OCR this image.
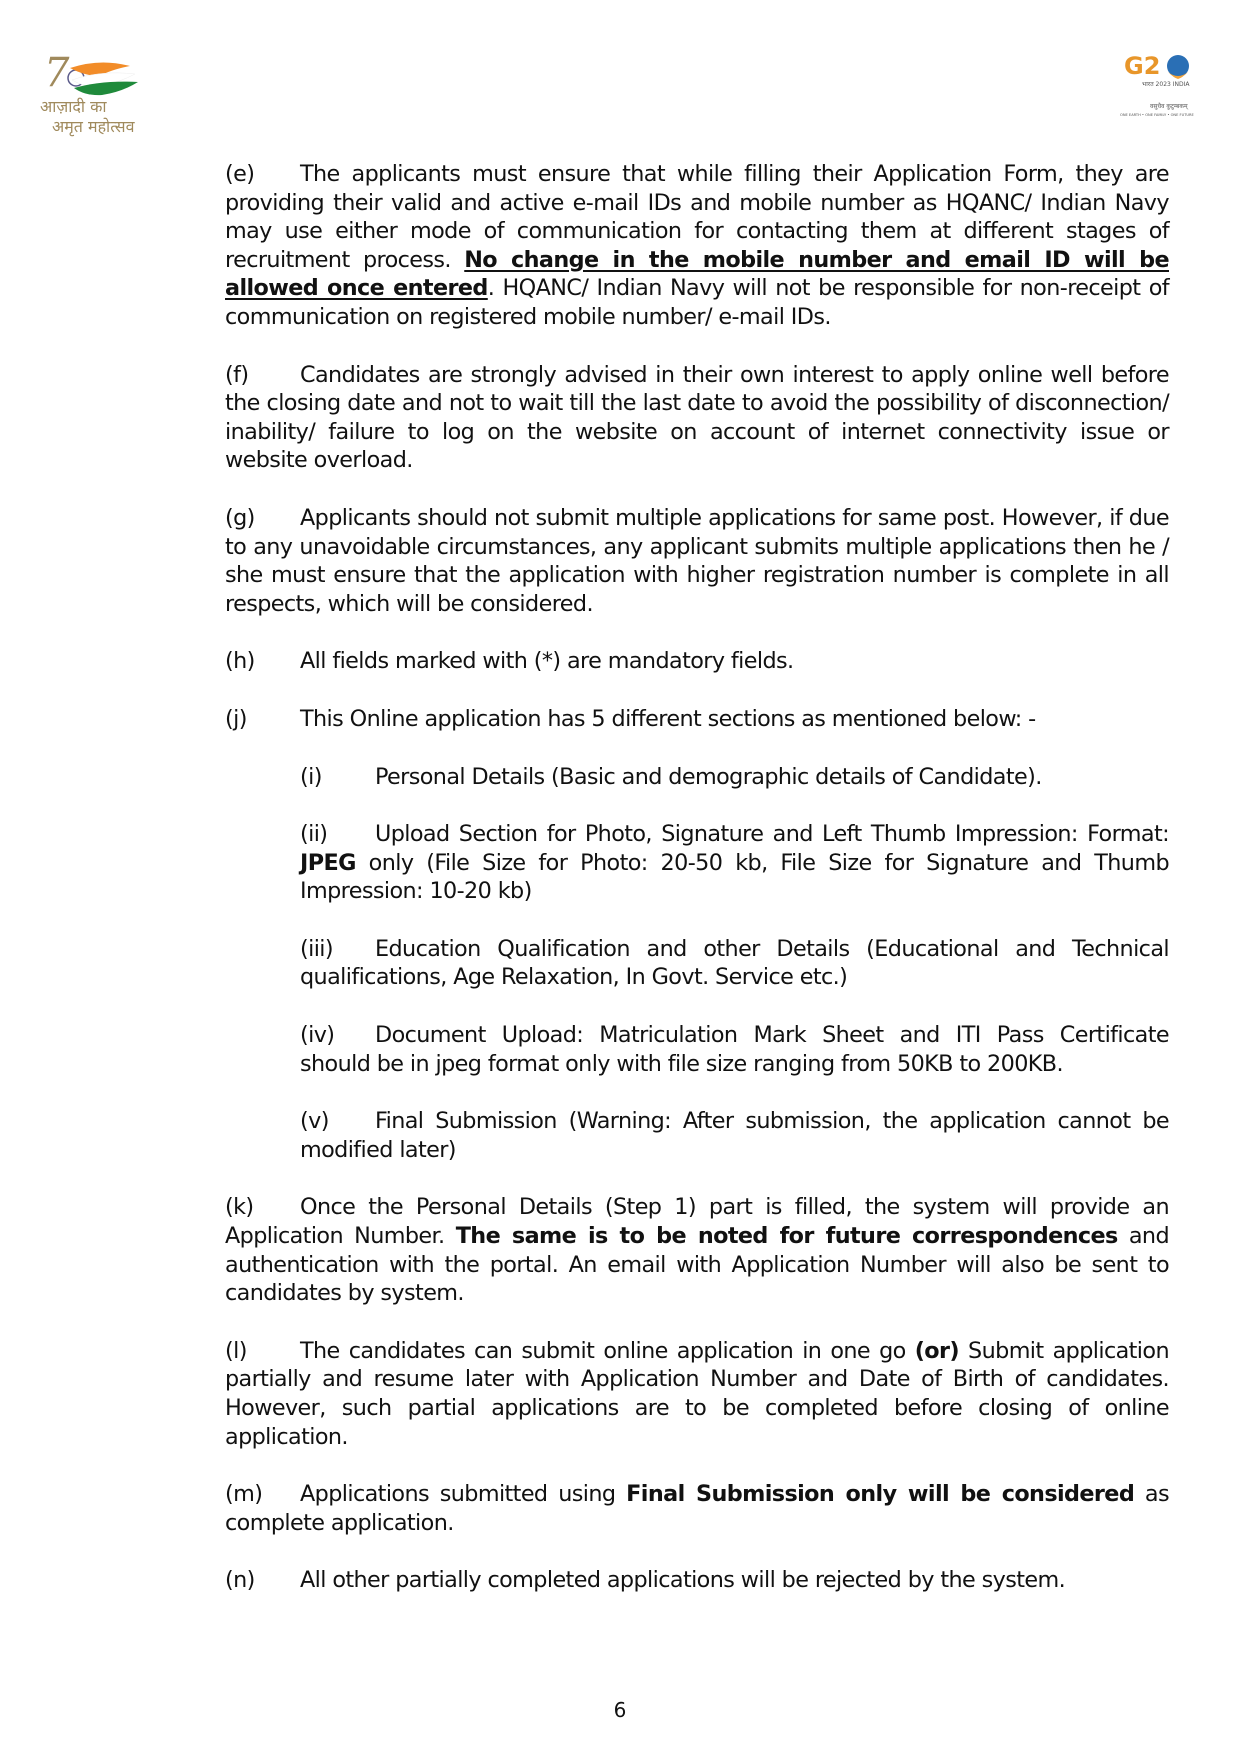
7
आज़ादी का
अमृत महोत्सव
G2
भारत 2023 INDIA
वसुधैव कुटुम्बकम्
ONE EARTH • ONE FAMILY • ONE FUTURE

(e) The applicants must ensure that while filling their Application Form, they are providing their valid and active e-mail IDs and mobile number as HQANC/ Indian Navy may use either mode of communication for contacting them at different stages of recruitment process. No change in the mobile number and email ID will be allowed once entered. HQANC/ Indian Navy will not be responsible for non-receipt of communication on registered mobile number/ e-mail IDs.

(f) Candidates are strongly advised in their own interest to apply online well before the closing date and not to wait till the last date to avoid the possibility of disconnection/ inability/ failure to log on the website on account of internet connectivity issue or website overload.

(g) Applicants should not submit multiple applications for same post. However, if due to any unavoidable circumstances, any applicant submits multiple applications then he / she must ensure that the application with higher registration number is complete in all respects, which will be considered.

(h) All fields marked with (*) are mandatory fields.

(j) This Online application has 5 different sections as mentioned below: -

(i) Personal Details (Basic and demographic details of Candidate).

(ii) Upload Section for Photo, Signature and Left Thumb Impression: Format: JPEG only (File Size for Photo: 20-50 kb, File Size for Signature and Thumb Impression: 10-20 kb)

(iii) Education Qualification and other Details (Educational and Technical qualifications, Age Relaxation, In Govt. Service etc.)

(iv) Document Upload: Matriculation Mark Sheet and ITI Pass Certificate should be in jpeg format only with file size ranging from 50KB to 200KB.

(v) Final Submission (Warning: After submission, the application cannot be modified later)

(k) Once the Personal Details (Step 1) part is filled, the system will provide an Application Number. The same is to be noted for future correspondences and authentication with the portal. An email with Application Number will also be sent to candidates by system.

(l) The candidates can submit online application in one go (or) Submit application partially and resume later with Application Number and Date of Birth of candidates. However, such partial applications are to be completed before closing of online application.

(m) Applications submitted using Final Submission only will be considered as complete application.

(n) All other partially completed applications will be rejected by the system.

6
